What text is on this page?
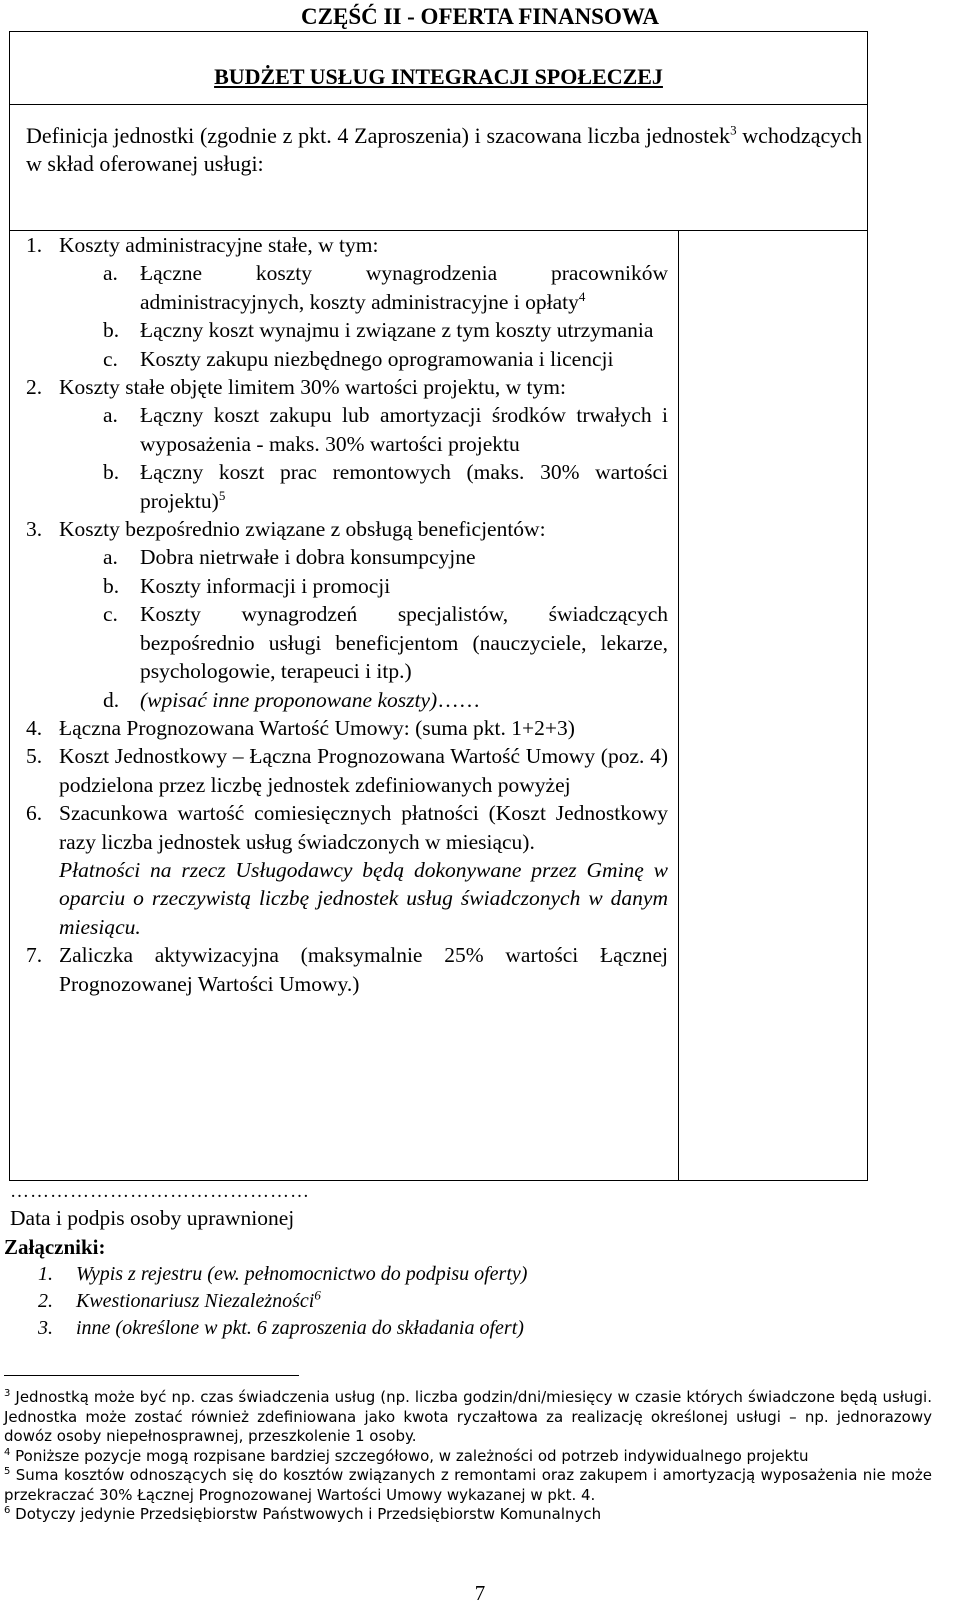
CZĘŚĆ II - OFERTA FINANSOWA
BUDŻET USŁUG INTEGRACJI SPOŁECZEJ
Definicja jednostki (zgodnie z pkt. 4 Zaproszenia) i szacowana liczba jednostek$^3$ wchodzących w skład oferowanej usługi:
1. Koszty administracyjne stałe, w tym:
a. Łączne koszty wynagrodzenia pracowników administracyjnych, koszty administracyjne i opłaty$^4$
b. Łączny koszt wynajmu i związane z tym koszty utrzymania
c. Koszty zakupu niezbędnego oprogramowania i licencji
2. Koszty stałe objęte limitem 30% wartości projektu, w tym:
a. Łączny koszt zakupu lub amortyzacji środków trwałych i wyposażenia - maks. 30% wartości projektu
b. Łączny koszt prac remontowych (maks. 30% wartości projektu)$^5$
3. Koszty bezpośrednio związane z obsługą beneficjentów:
a. Dobra nietrwałe i dobra konsumpcyjne
b. Koszty informacji i promocji
c. Koszty wynagrodzeń specjalistów, świadczących bezpośrednio usługi beneficjentom (nauczyciele, lekarze, psychologowie, terapeuci i itp.)
d. (wpisać inne proponowane koszty)……
4. Łączna Prognozowana Wartość Umowy: (suma pkt. 1+2+3)
5. Koszt Jednostkowy – Łączna Prognozowana Wartość Umowy (poz. 4) podzielona przez liczbę jednostek zdefiniowanych powyżej
6. Szacunkowa wartość comiesięcznych płatności (Koszt Jednostkowy razy liczba jednostek usług świadczonych w miesiącu).
Płatności na rzecz Usługodawcy będą dokonywane przez Gminę w oparciu o rzeczywistą liczbę jednostek usług świadczonych w danym miesiącu.
7. Zaliczka aktywizacyjna (maksymalnie 25% wartości Łącznej Prognozowanej Wartości Umowy.)
………………………………………
Data i podpis osoby uprawnionej
Załączniki:
1. Wypis z rejestru (ew. pełnomocnictwo do podpisu oferty)
2. Kwestionariusz Niezależności$^6$
3. inne (określone w pkt. 6 zaproszenia do składania ofert)
$^3$ Jednostką może być np. czas świadczenia usług (np. liczba godzin/dni/miesięcy w czasie których świadczone będą usługi. Jednostka może zostać również zdefiniowana jako kwota ryczałtowa za realizację określonej usługi – np. jednorazowy dowóz osoby niepełnosprawnej, przeszkolenie 1 osoby.
$^4$ Poniższe pozycje mogą rozpisane bardziej szczegółowo, w zależności od potrzeb indywidualnego projektu
$^5$ Suma kosztów odnoszących się do kosztów związanych z remontami oraz zakupem i amortyzacją wyposażenia nie może przekraczać 30% Łącznej Prognozowanej Wartości Umowy wykazanej w pkt. 4.
$^6$ Dotyczy jedynie Przedsiębiorstw Państwowych i Przedsiębiorstw Komunalnych
7
